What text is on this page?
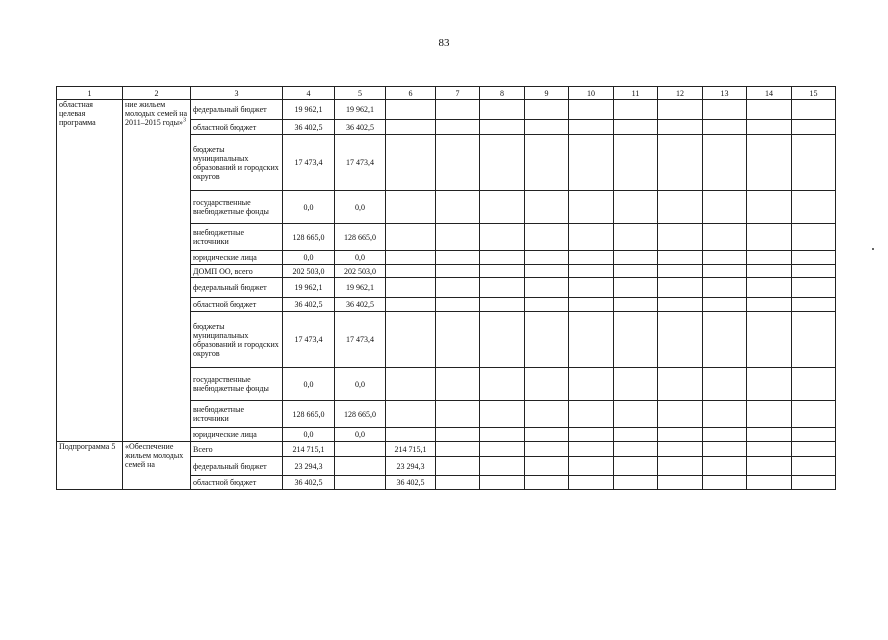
83
1	2	3	4	5	6	7	8	9	10	11	12	13	14	15
областная целевая программа	ние жильем молодых семей на 2011–2015 годы»$^3$	федеральный бюджет	19 962,1	19 962,1										
		областной бюджет	36 402,5	36 402,5										
		бюджеты муниципальных образований и городских округов	17 473,4	17 473,4										
		государственные внебюджетные фонды	0,0	0,0										
		внебюджетные источники	128 665,0	128 665,0										
		юридические лица	0,0	0,0										
		ДОМП ОО, всего	202 503,0	202 503,0										
		федеральный бюджет	19 962,1	19 962,1										
		областной бюджет	36 402,5	36 402,5										
		бюджеты муниципальных образований и городских округов	17 473,4	17 473,4										
		государственные внебюджетные фонды	0,0	0,0										
		внебюджетные источники	128 665,0	128 665,0										
		юридические лица	0,0	0,0										
Подпрограмма 5	«Обеспечение жильем молодых семей на	Всего	214 715,1		214 715,1									
		федеральный бюджет	23 294,3		23 294,3									
		областной бюджет	36 402,5		36 402,5									
